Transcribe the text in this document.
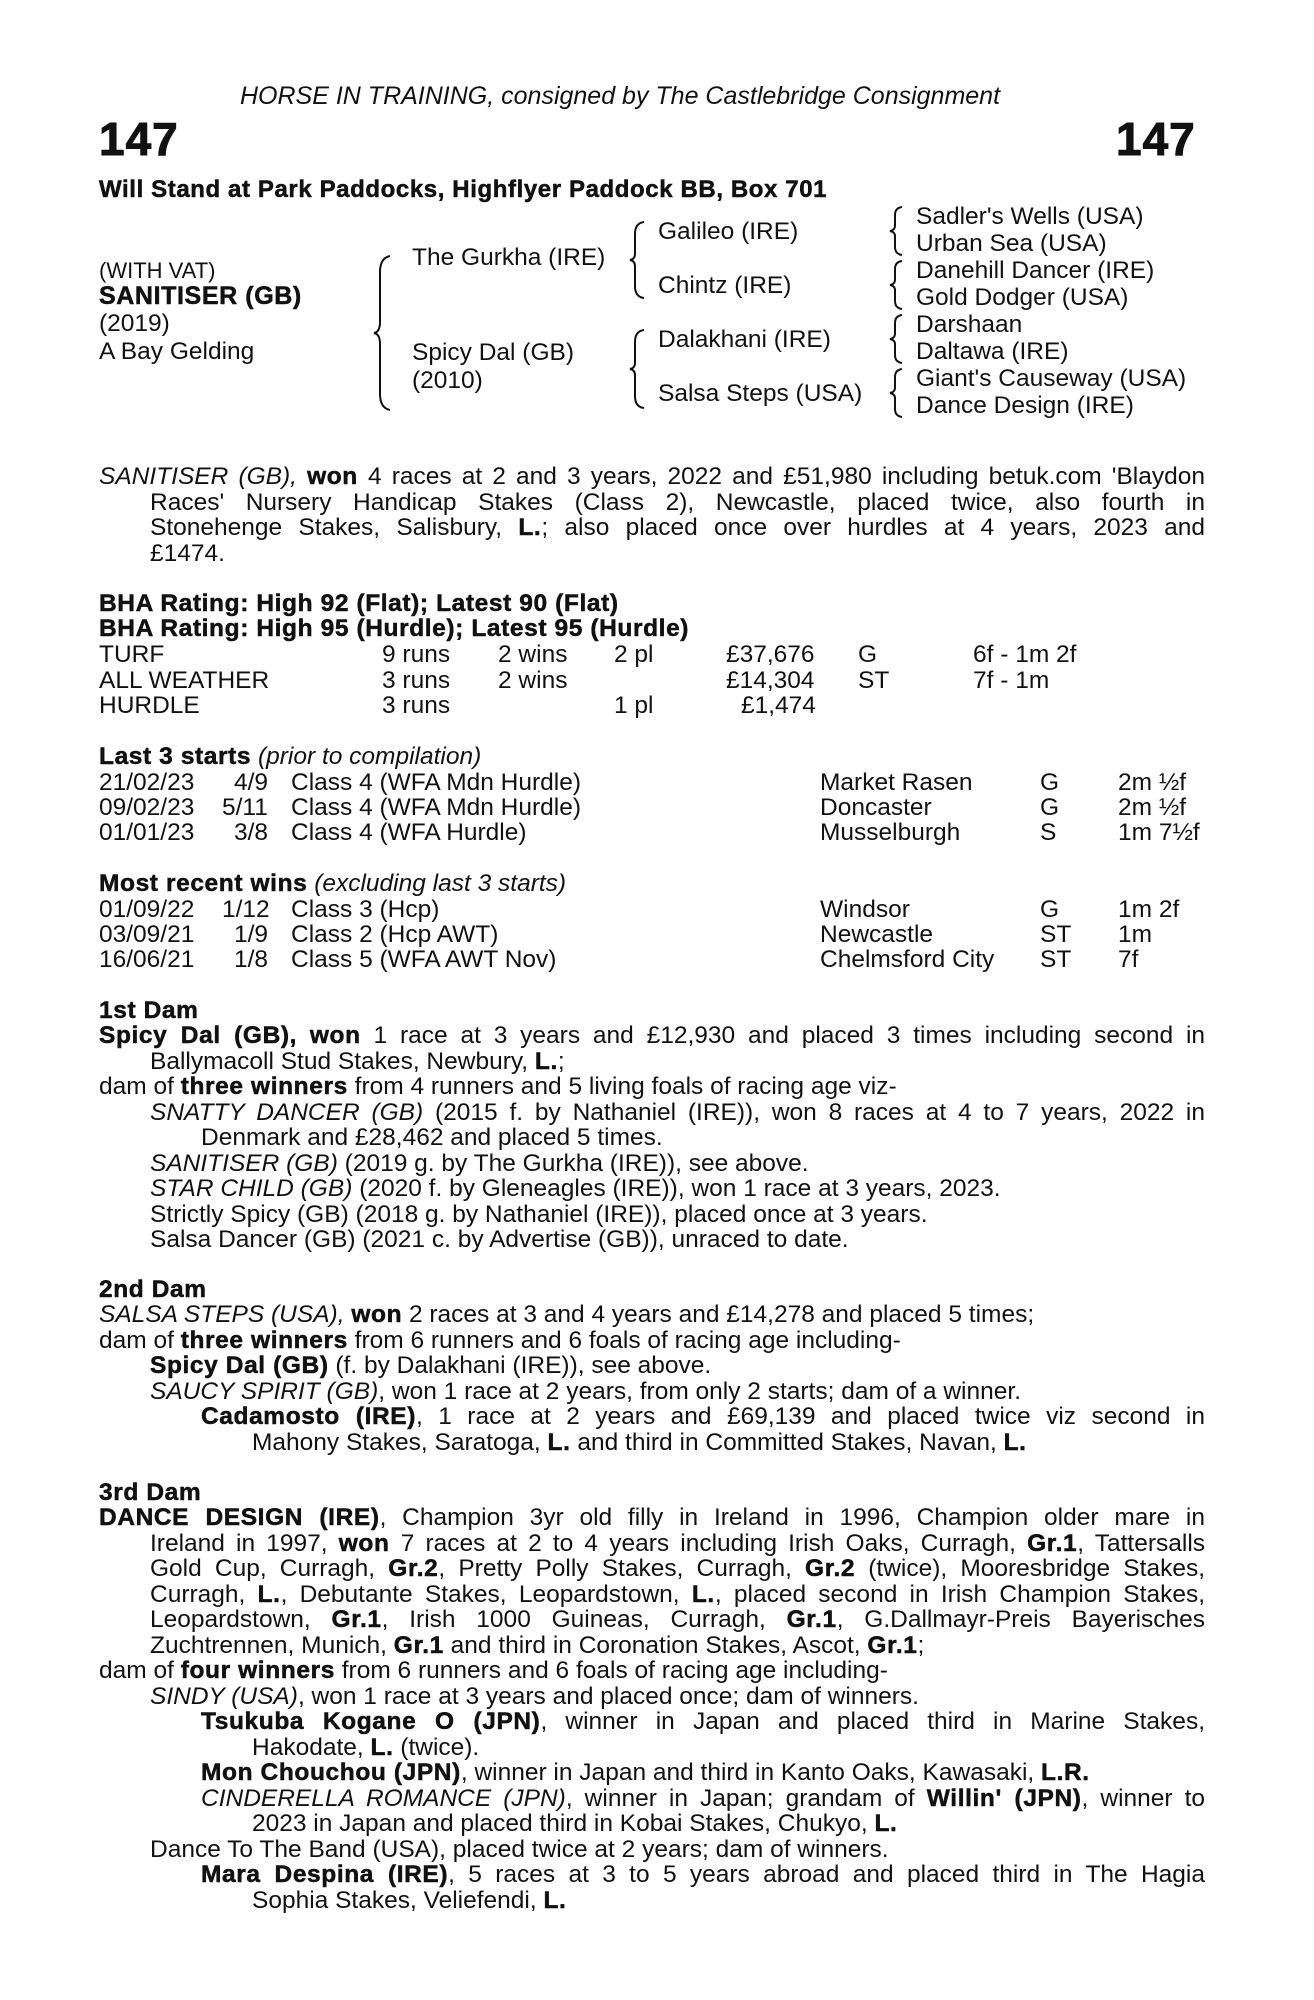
HORSE IN TRAINING, consigned by The Castlebridge Consignment
147	147
Will Stand at Park Paddocks, Highflyer Paddock BB, Box 701
(WITH VAT)
SANITISER (GB)
(2019)
A Bay Gelding
The Gurkha (IRE)
Spicy Dal (GB)
(2010)
Galileo (IRE)
Chintz (IRE)
Dalakhani (IRE)
Salsa Steps (USA)
Sadler's Wells (USA)
Urban Sea (USA)
Danehill Dancer (IRE)
Gold Dodger (USA)
Darshaan
Daltawa (IRE)
Giant's Causeway (USA)
Dance Design (IRE)
SANITISER (GB), won 4 races at 2 and 3 years, 2022 and £51,980 including betuk.com 'Blaydon
Races' Nursery Handicap Stakes (Class 2), Newcastle, placed twice, also fourth in
Stonehenge Stakes, Salisbury, L.; also placed once over hurdles at 4 years, 2023 and
£1474.
BHA Rating: High 92 (Flat); Latest 90 (Flat)
BHA Rating: High 95 (Hurdle); Latest 95 (Hurdle)
TURF	9 runs 2 wins 2 pl	£37,676 G	6f - 1m 2f
ALL WEATHER	3 runs 2 wins	£14,304 ST	7f - 1m
HURDLE	3 runs	1 pl	£1,474
Last 3 starts (prior to compilation)
21/02/23 4/9 Class 4 (WFA Mdn Hurdle)	Market Rasen	G 2m ½f
09/02/23 5/11 Class 4 (WFA Mdn Hurdle)	Doncaster	G 2m ½f
01/01/23 3/8 Class 4 (WFA Hurdle)	Musselburgh	S	1m 7½f
Most recent wins (excluding last 3 starts)
01/09/22 1/12 Class 3 (Hcp)	Windsor	G 1m 2f
03/09/21 1/9 Class 2 (Hcp AWT)	Newcastle	ST 1m
16/06/21 1/8 Class 5 (WFA AWT Nov)	Chelmsford City ST 7f
1st Dam
Spicy Dal (GB), won 1 race at 3 years and £12,930 and placed 3 times including second in
Ballymacoll Stud Stakes, Newbury, L.;
dam of three winners from 4 runners and 5 living foals of racing age viz-
SNATTY DANCER (GB) (2015 f. by Nathaniel (IRE)), won 8 races at 4 to 7 years, 2022 in
Denmark and £28,462 and placed 5 times.
SANITISER (GB) (2019 g. by The Gurkha (IRE)), see above.
STAR CHILD (GB) (2020 f. by Gleneagles (IRE)), won 1 race at 3 years, 2023.
Strictly Spicy (GB) (2018 g. by Nathaniel (IRE)), placed once at 3 years.
Salsa Dancer (GB) (2021 c. by Advertise (GB)), unraced to date.
2nd Dam
SALSA STEPS (USA), won 2 races at 3 and 4 years and £14,278 and placed 5 times;
dam of three winners from 6 runners and 6 foals of racing age including-
Spicy Dal (GB) (f. by Dalakhani (IRE)), see above.
SAUCY SPIRIT (GB), won 1 race at 2 years, from only 2 starts; dam of a winner.
Cadamosto (IRE), 1 race at 2 years and £69,139 and placed twice viz second in
Mahony Stakes, Saratoga, L. and third in Committed Stakes, Navan, L.
3rd Dam
DANCE DESIGN (IRE), Champion 3yr old filly in Ireland in 1996, Champion older mare in
Ireland in 1997, won 7 races at 2 to 4 years including Irish Oaks, Curragh, Gr.1, Tattersalls
Gold Cup, Curragh, Gr.2, Pretty Polly Stakes, Curragh, Gr.2 (twice), Mooresbridge Stakes,
Curragh, L., Debutante Stakes, Leopardstown, L., placed second in Irish Champion Stakes,
Leopardstown, Gr.1, Irish 1000 Guineas, Curragh, Gr.1, G.Dallmayr-Preis Bayerisches
Zuchtrennen, Munich, Gr.1 and third in Coronation Stakes, Ascot, Gr.1;
dam of four winners from 6 runners and 6 foals of racing age including-
SINDY (USA), won 1 race at 3 years and placed once; dam of winners.
Tsukuba Kogane O (JPN), winner in Japan and placed third in Marine Stakes,
Hakodate, L. (twice).
Mon Chouchou (JPN), winner in Japan and third in Kanto Oaks, Kawasaki, L.R.
CINDERELLA ROMANCE (JPN), winner in Japan; grandam of Willin' (JPN), winner to
2023 in Japan and placed third in Kobai Stakes, Chukyo, L.
Dance To The Band (USA), placed twice at 2 years; dam of winners.
Mara Despina (IRE), 5 races at 3 to 5 years abroad and placed third in The Hagia
Sophia Stakes, Veliefendi, L.
